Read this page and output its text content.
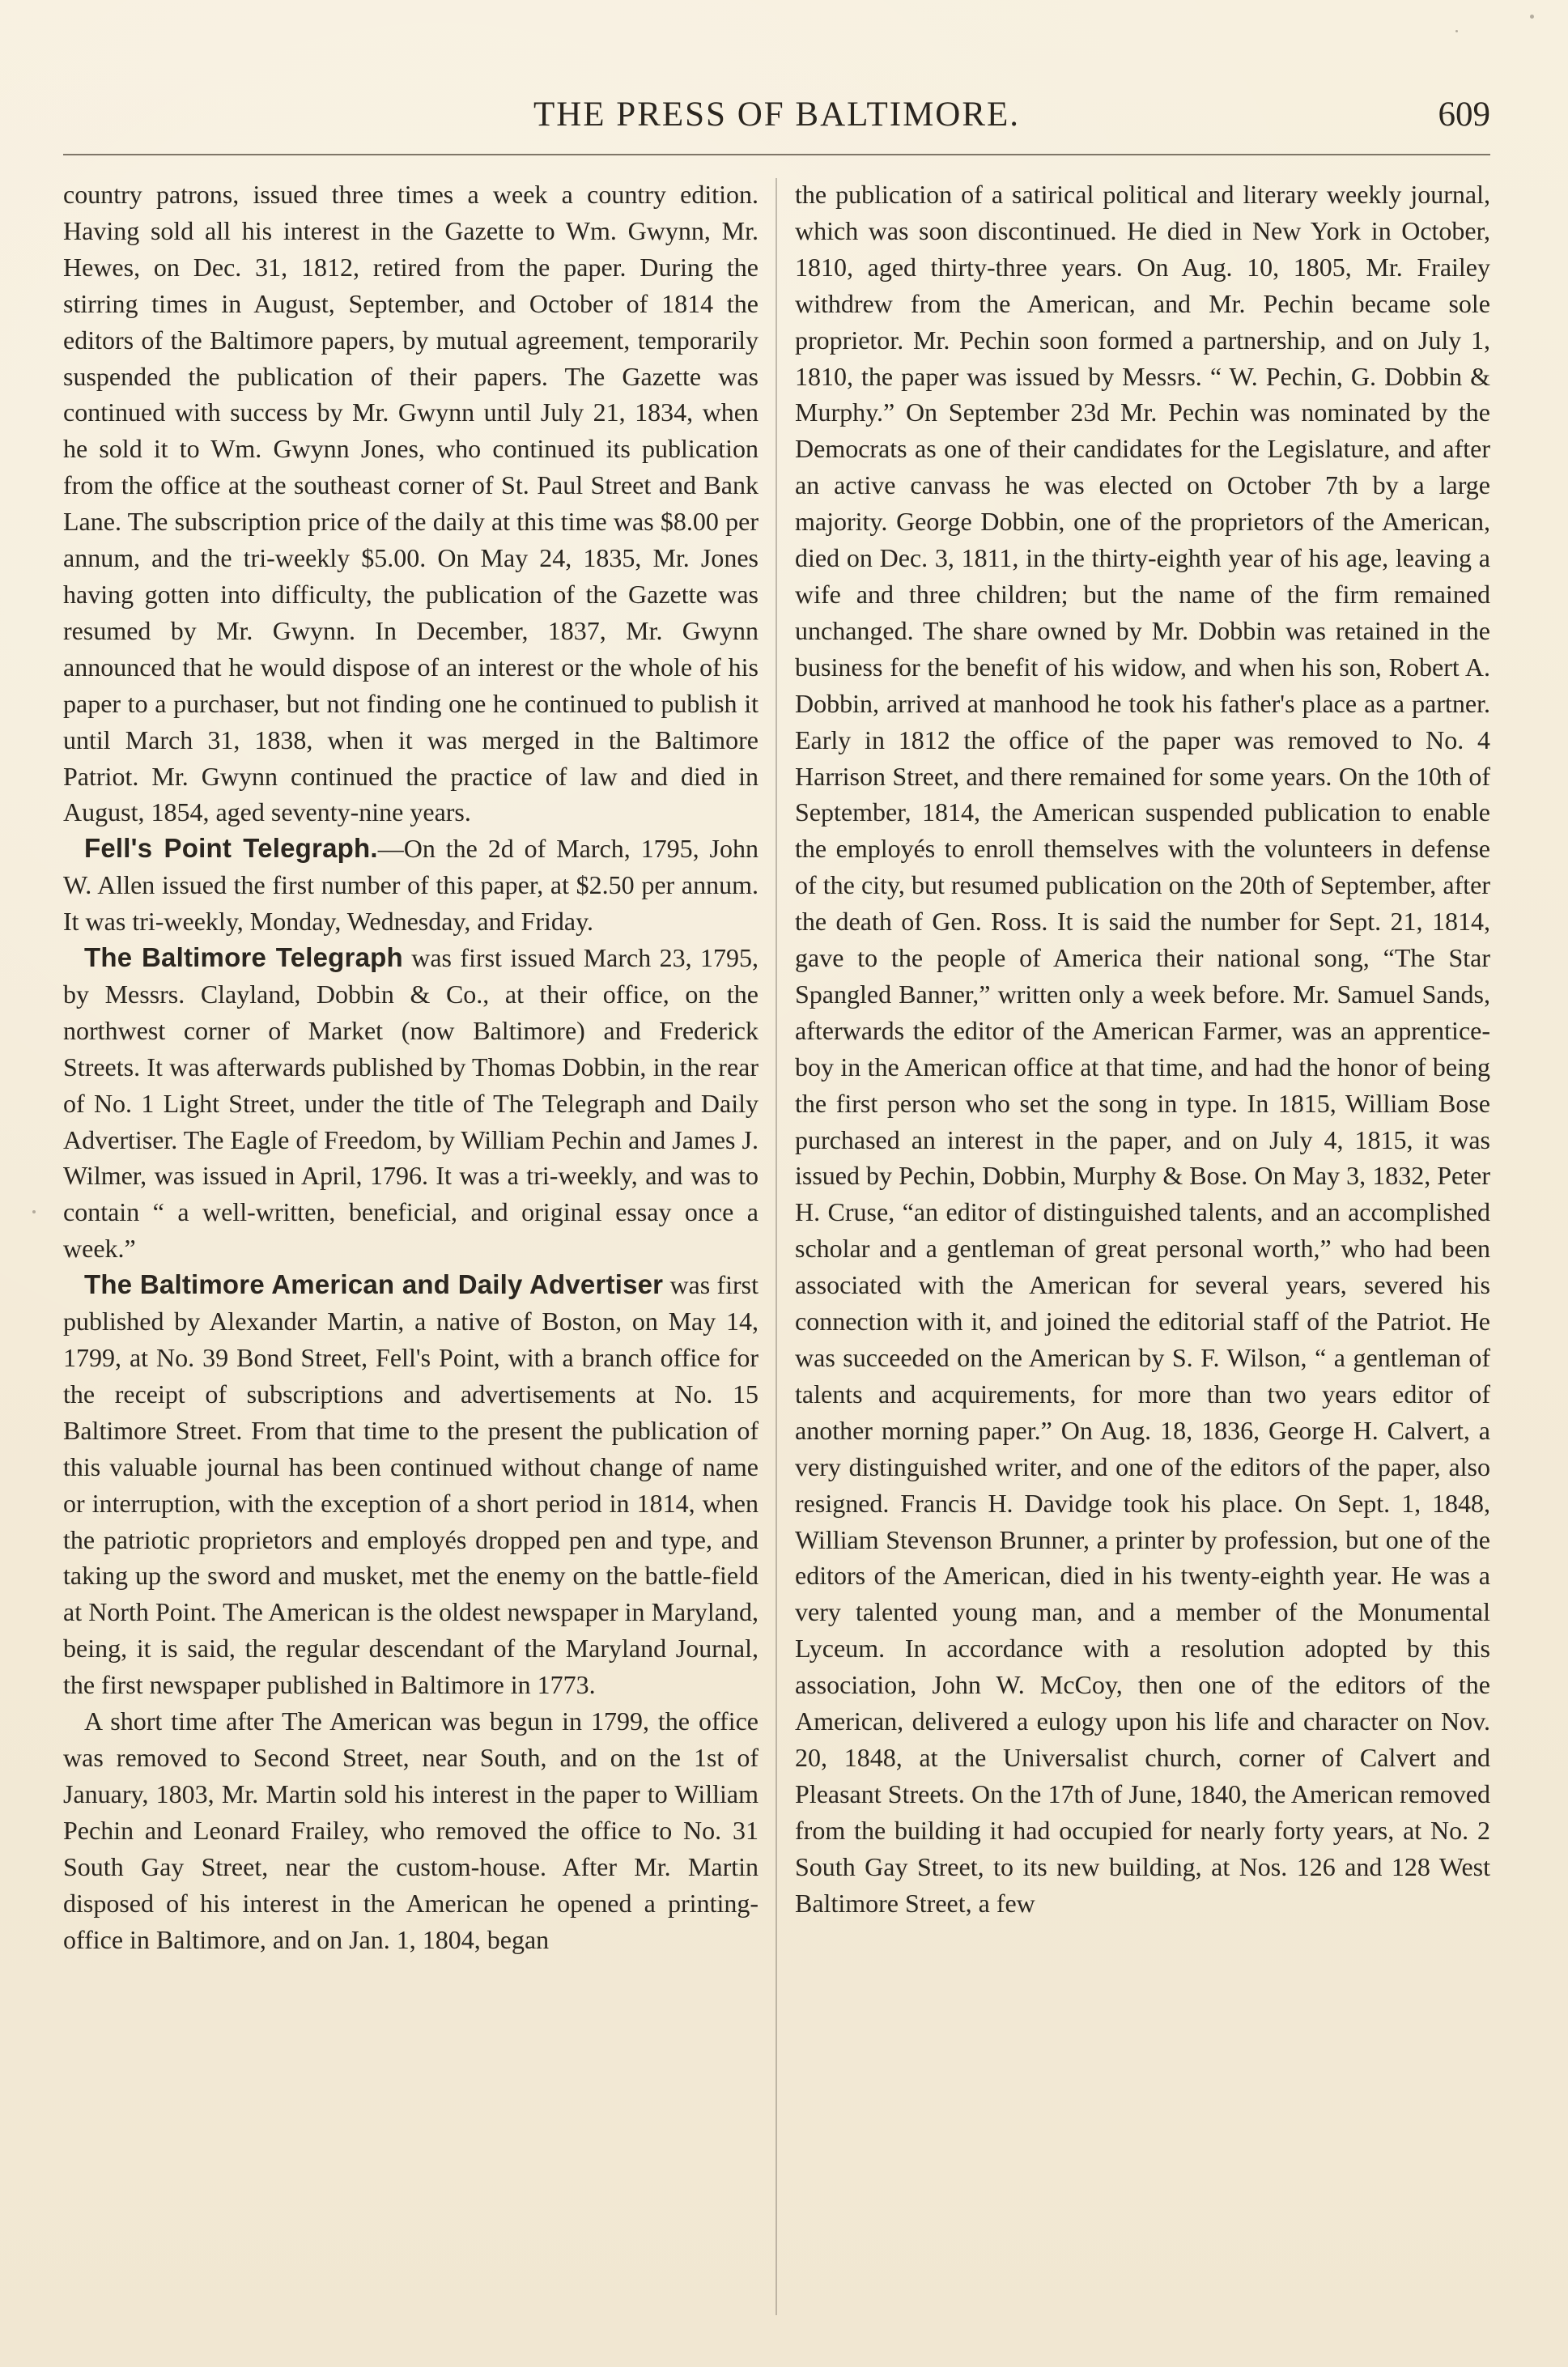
THE PRESS OF BALTIMORE.	609

country patrons, issued three times a week a country edition. Having sold all his interest in the Gazette to Wm. Gwynn, Mr. Hewes, on Dec. 31, 1812, retired from the paper. During the stirring times in August, September, and October of 1814 the editors of the Baltimore papers, by mutual agreement, temporarily suspended the publication of their papers. The Gazette was continued with success by Mr. Gwynn until July 21, 1834, when he sold it to Wm. Gwynn Jones, who continued its publication from the office at the southeast corner of St. Paul Street and Bank Lane. The subscription price of the daily at this time was $8.00 per annum, and the tri-weekly $5.00. On May 24, 1835, Mr. Jones having gotten into difficulty, the publication of the Gazette was resumed by Mr. Gwynn. In December, 1837, Mr. Gwynn announced that he would dispose of an interest or the whole of his paper to a purchaser, but not finding one he continued to publish it until March 31, 1838, when it was merged in the Baltimore Patriot. Mr. Gwynn continued the practice of law and died in August, 1854, aged seventy-nine years.

Fell's Point Telegraph.—On the 2d of March, 1795, John W. Allen issued the first number of this paper, at $2.50 per annum. It was tri-weekly, Monday, Wednesday, and Friday.

The Baltimore Telegraph was first issued March 23, 1795, by Messrs. Clayland, Dobbin & Co., at their office, on the northwest corner of Market (now Baltimore) and Frederick Streets. It was afterwards published by Thomas Dobbin, in the rear of No. 1 Light Street, under the title of The Telegraph and Daily Advertiser. The Eagle of Freedom, by William Pechin and James J. Wilmer, was issued in April, 1796. It was a tri-weekly, and was to contain “ a well-written, beneficial, and original essay once a week.”

The Baltimore American and Daily Advertiser was first published by Alexander Martin, a native of Boston, on May 14, 1799, at No. 39 Bond Street, Fell's Point, with a branch office for the receipt of subscriptions and advertisements at No. 15 Baltimore Street. From that time to the present the publication of this valuable journal has been continued without change of name or interruption, with the exception of a short period in 1814, when the patriotic proprietors and employés dropped pen and type, and taking up the sword and musket, met the enemy on the battle-field at North Point. The American is the oldest newspaper in Maryland, being, it is said, the regular descendant of the Maryland Journal, the first newspaper published in Baltimore in 1773.

A short time after The American was begun in 1799, the office was removed to Second Street, near South, and on the 1st of January, 1803, Mr. Martin sold his interest in the paper to William Pechin and Leonard Frailey, who removed the office to No. 31 South Gay Street, near the custom-house. After Mr. Martin disposed of his interest in the American he opened a printing-office in Baltimore, and on Jan. 1, 1804, began

the publication of a satirical political and literary weekly journal, which was soon discontinued. He died in New York in October, 1810, aged thirty-three years. On Aug. 10, 1805, Mr. Frailey withdrew from the American, and Mr. Pechin became sole proprietor. Mr. Pechin soon formed a partnership, and on July 1, 1810, the paper was issued by Messrs. “ W. Pechin, G. Dobbin & Murphy.” On September 23d Mr. Pechin was nominated by the Democrats as one of their candidates for the Legislature, and after an active canvass he was elected on October 7th by a large majority. George Dobbin, one of the proprietors of the American, died on Dec. 3, 1811, in the thirty-eighth year of his age, leaving a wife and three children; but the name of the firm remained unchanged. The share owned by Mr. Dobbin was retained in the business for the benefit of his widow, and when his son, Robert A. Dobbin, arrived at manhood he took his father's place as a partner. Early in 1812 the office of the paper was removed to No. 4 Harrison Street, and there remained for some years. On the 10th of September, 1814, the American suspended publication to enable the employés to enroll themselves with the volunteers in defense of the city, but resumed publication on the 20th of September, after the death of Gen. Ross. It is said the number for Sept. 21, 1814, gave to the people of America their national song, “The Star Spangled Banner,” written only a week before. Mr. Samuel Sands, afterwards the editor of the American Farmer, was an apprentice-boy in the American office at that time, and had the honor of being the first person who set the song in type. In 1815, William Bose purchased an interest in the paper, and on July 4, 1815, it was issued by Pechin, Dobbin, Murphy & Bose. On May 3, 1832, Peter H. Cruse, “an editor of distinguished talents, and an accomplished scholar and a gentleman of great personal worth,” who had been associated with the American for several years, severed his connection with it, and joined the editorial staff of the Patriot. He was succeeded on the American by S. F. Wilson, “ a gentleman of talents and acquirements, for more than two years editor of another morning paper.” On Aug. 18, 1836, George H. Calvert, a very distinguished writer, and one of the editors of the paper, also resigned. Francis H. Davidge took his place. On Sept. 1, 1848, William Stevenson Brunner, a printer by profession, but one of the editors of the American, died in his twenty-eighth year. He was a very talented young man, and a member of the Monumental Lyceum. In accordance with a resolution adopted by this association, John W. McCoy, then one of the editors of the American, delivered a eulogy upon his life and character on Nov. 20, 1848, at the Universalist church, corner of Calvert and Pleasant Streets. On the 17th of June, 1840, the American removed from the building it had occupied for nearly forty years, at No. 2 South Gay Street, to its new building, at Nos. 126 and 128 West Baltimore Street, a few
